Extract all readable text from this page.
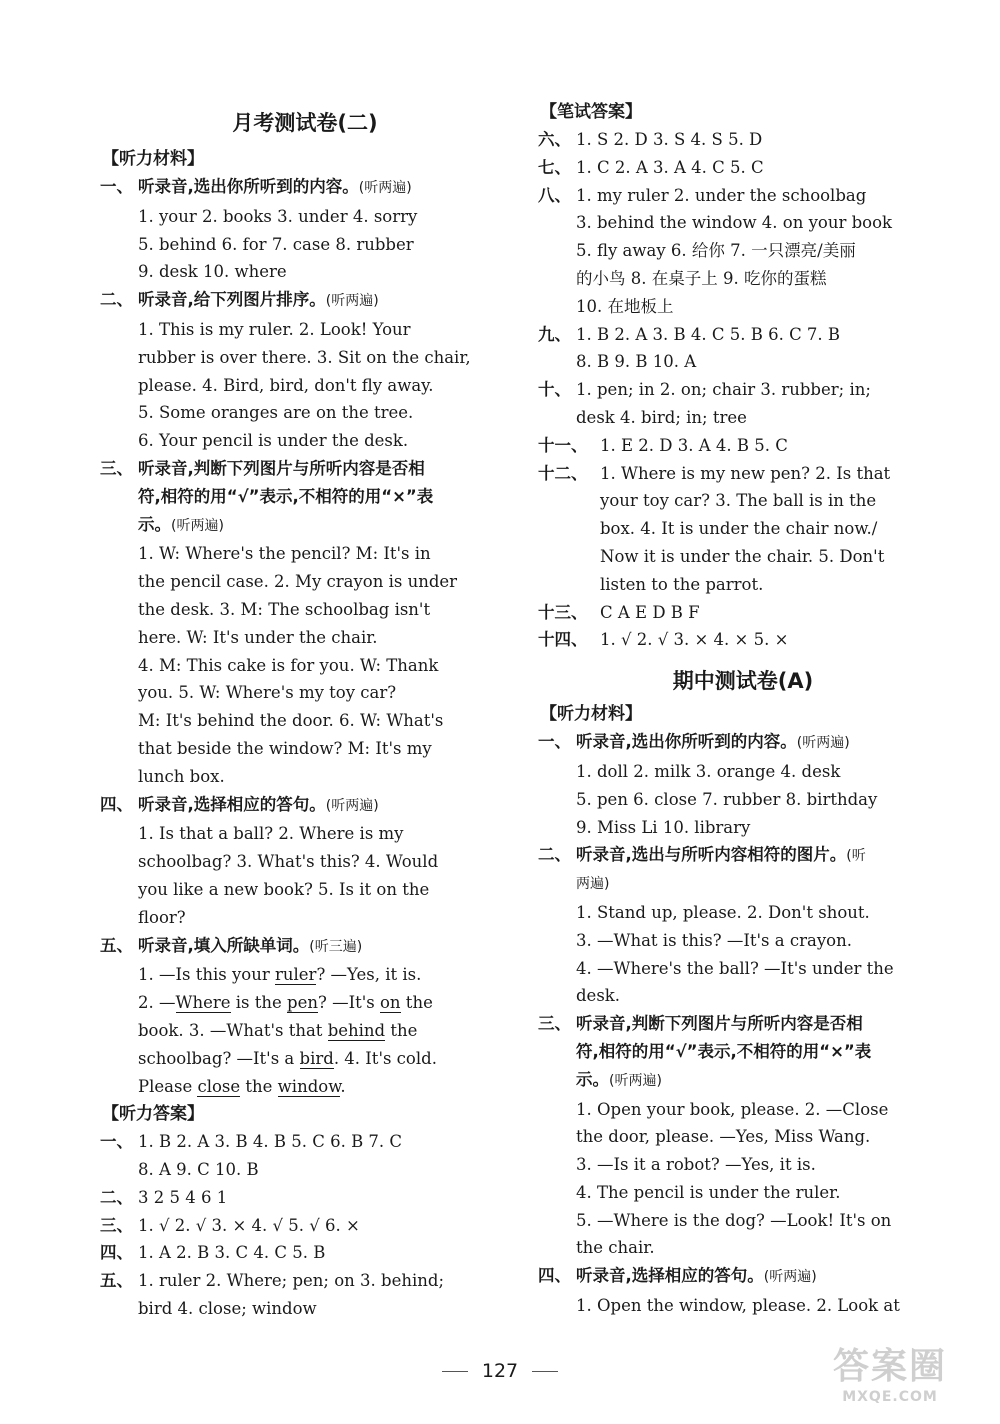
月考测试卷(二)
【听力材料】
一、 听录音,选出你所听到的内容。(听两遍)
1. your 2. books 3. under 4. sorry
5. behind 6. for 7. case 8. rubber
9. desk 10. where
二、 听录音,给下列图片排序。(听两遍)
1. This is my ruler. 2. Look! Your
rubber is over there. 3. Sit on the chair,
please. 4. Bird, bird, don't fly away.
5. Some oranges are on the tree.
6. Your pencil is under the desk.
三、 听录音,判断下列图片与所听内容是否相
符,相符的用“√”表示,不相符的用“×”表
示。(听两遍)
1. W: Where's the pencil? M: It's in
the pencil case. 2. My crayon is under
the desk. 3. M: The schoolbag isn't
here. W: It's under the chair.
4. M: This cake is for you. W: Thank
you. 5. W: Where's my toy car?
M: It's behind the door. 6. W: What's
that beside the window? M: It's my
lunch box.
四、 听录音,选择相应的答句。(听两遍)
1. Is that a ball? 2. Where is my
schoolbag? 3. What's this? 4. Would
you like a new book? 5. Is it on the
floor?
五、 听录音,填入所缺单词。(听三遍)
1. —Is this your ruler? —Yes, it is.
2. —Where is the pen? —It's on the
book. 3. —What's that behind the
schoolbag? —It's a bird. 4. It's cold.
Please close the window.
【听力答案】
一、 1. B 2. A 3. B 4. B 5. C 6. B 7. C
8. A 9. C 10. B
二、 3 2 5 4 6 1
三、 1. √ 2. √ 3. × 4. √ 5. √ 6. ×
四、 1. A 2. B 3. C 4. C 5. B
五、 1. ruler 2. Where; pen; on 3. behind;
bird 4. close; window
【笔试答案】
六、 1. S 2. D 3. S 4. S 5. D
七、 1. C 2. A 3. A 4. C 5. C
八、 1. my ruler 2. under the schoolbag
3. behind the window 4. on your book
5. fly away 6. 给你 7. 一只漂亮/美丽
的小鸟 8. 在桌子上 9. 吃你的蛋糕
10. 在地板上
九、 1. B 2. A 3. B 4. C 5. B 6. C 7. B
8. B 9. B 10. A
十、 1. pen; in 2. on; chair 3. rubber; in;
desk 4. bird; in; tree
十一、 1. E 2. D 3. A 4. B 5. C
十二、 1. Where is my new pen? 2. Is that
your toy car? 3. The ball is in the
box. 4. It is under the chair now./
Now it is under the chair. 5. Don't
listen to the parrot.
十三、 C A E D B F
十四、 1. √ 2. √ 3. × 4. × 5. ×
期中测试卷(A)
【听力材料】
一、 听录音,选出你所听到的内容。(听两遍)
1. doll 2. milk 3. orange 4. desk
5. pen 6. close 7. rubber 8. birthday
9. Miss Li 10. library
二、 听录音,选出与所听内容相符的图片。(听
两遍)
1. Stand up, please. 2. Don't shout.
3. —What is this? —It's a crayon.
4. —Where's the ball? —It's under the
desk.
三、 听录音,判断下列图片与所听内容是否相
符,相符的用“√”表示,不相符的用“×”表
示。(听两遍)
1. Open your book, please. 2. —Close
the door, please. —Yes, Miss Wang.
3. —Is it a robot? —Yes, it is.
4. The pencil is under the ruler.
5. —Where is the dog? —Look! It's on
the chair.
四、 听录音,选择相应的答句。(听两遍)
1. Open the window, please. 2. Look at
127	答案圈
MXQE.COM
